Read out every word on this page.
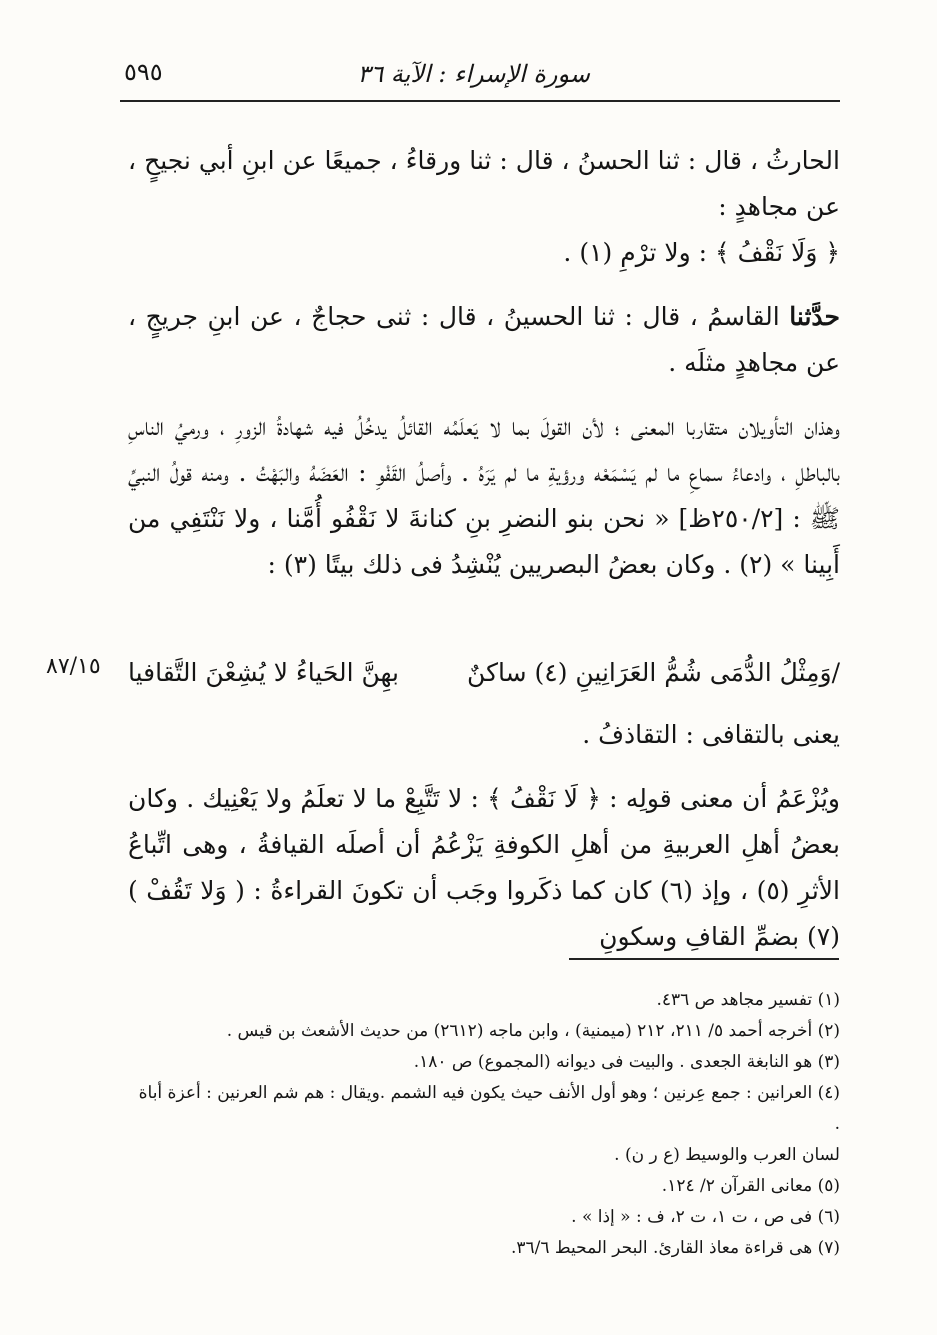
سورة الإسراء : الآية ٣٦
٥٩٥

الحارثُ ، قال : ثنا الحسنُ ، قال : ثنا ورقاءُ ، جميعًا عن ابنِ أبي نجيحٍ ، عن مجاهدٍ :
﴿ وَلَا نَقْفُ ﴾ : ولا ترْمِ (١) .

حدَّثنا القاسمُ ، قال : ثنا الحسينُ ، قال : ثنى حجاجٌ ، عن ابنِ جريجٍ ، عن مجاهدٍ مثلَه .

وهذان التأويلان متقاربا المعنى ؛ لأن القولَ بما لا يَعلَمُه القائلُ يدخُلُ فيه شهادةُ الزورِ ، ورميُ الناسِ بالباطلِ ، وادعاءُ سماعِ ما لم يَسْمَعْه ورؤيةِ ما لم يَرَهُ . وأصلُ القَفْوِ : العَضَهُ والبَهْتُ . ومنه قولُ النبيِّ ﷺ : [٢٥٠/٢ظ] « نحن بنو النضرِ بنِ كنانةَ لا نَقْفُو أُمَّنا ، ولا نَنْتَفِي من أَبِينا » (٢) . وكان بعضُ البصريين يُنْشِدُ فى ذلك بيتًا (٣) :

/وَمِثْلُ الدُّمَى شُمُّ العَرَانِينِ (٤) ساكنٌ
بهِنَّ الحَياءُ لا يُشِعْنَ التَّقافيا
٨٧/١٥

يعنى بالتقافى : التقاذفُ .

ويُزْعَمُ أن معنى قولِه : ﴿ لَا نَقْفُ ﴾ : لا تَتَّبِعْ ما لا تعلَمُ ولا يَعْنِيك . وكان بعضُ أهلِ العربيةِ من أهلِ الكوفةِ يَزْعُمُ أن أصلَه القيافةُ ، وهى اتِّباعُ الأثرِ (٥) ، وإذ (٦) كان كما ذكَروا وجَب أن تكونَ القراءةُ : ( وَلا تَقُفْ ) (٧) بضمِّ القافِ وسكونِ

(١) تفسير مجاهد ص ٤٣٦.

(٢) أخرجه أحمد ٥/ ٢١١، ٢١٢ (ميمنية) ، وابن ماجه (٢٦١٢) من حديث الأشعث بن قيس .

(٣) هو النابغة الجعدى . والبيت فى ديوانه (المجموع) ص ١٨٠.

(٤) العرانين : جمع عِرنين ؛ وهو أول الأنف حيث يكون فيه الشمم .ويقال : هم شم العرنين : أعزة أباة .

لسان العرب والوسيط (ع ر ن) .

(٥) معانى القرآن ٢/ ١٢٤.

(٦) فى ص ، ت ١، ت ٢، ف : « إذا » .

(٧) هى قراءة معاذ القارئ. البحر المحيط ٣٦/٦.
